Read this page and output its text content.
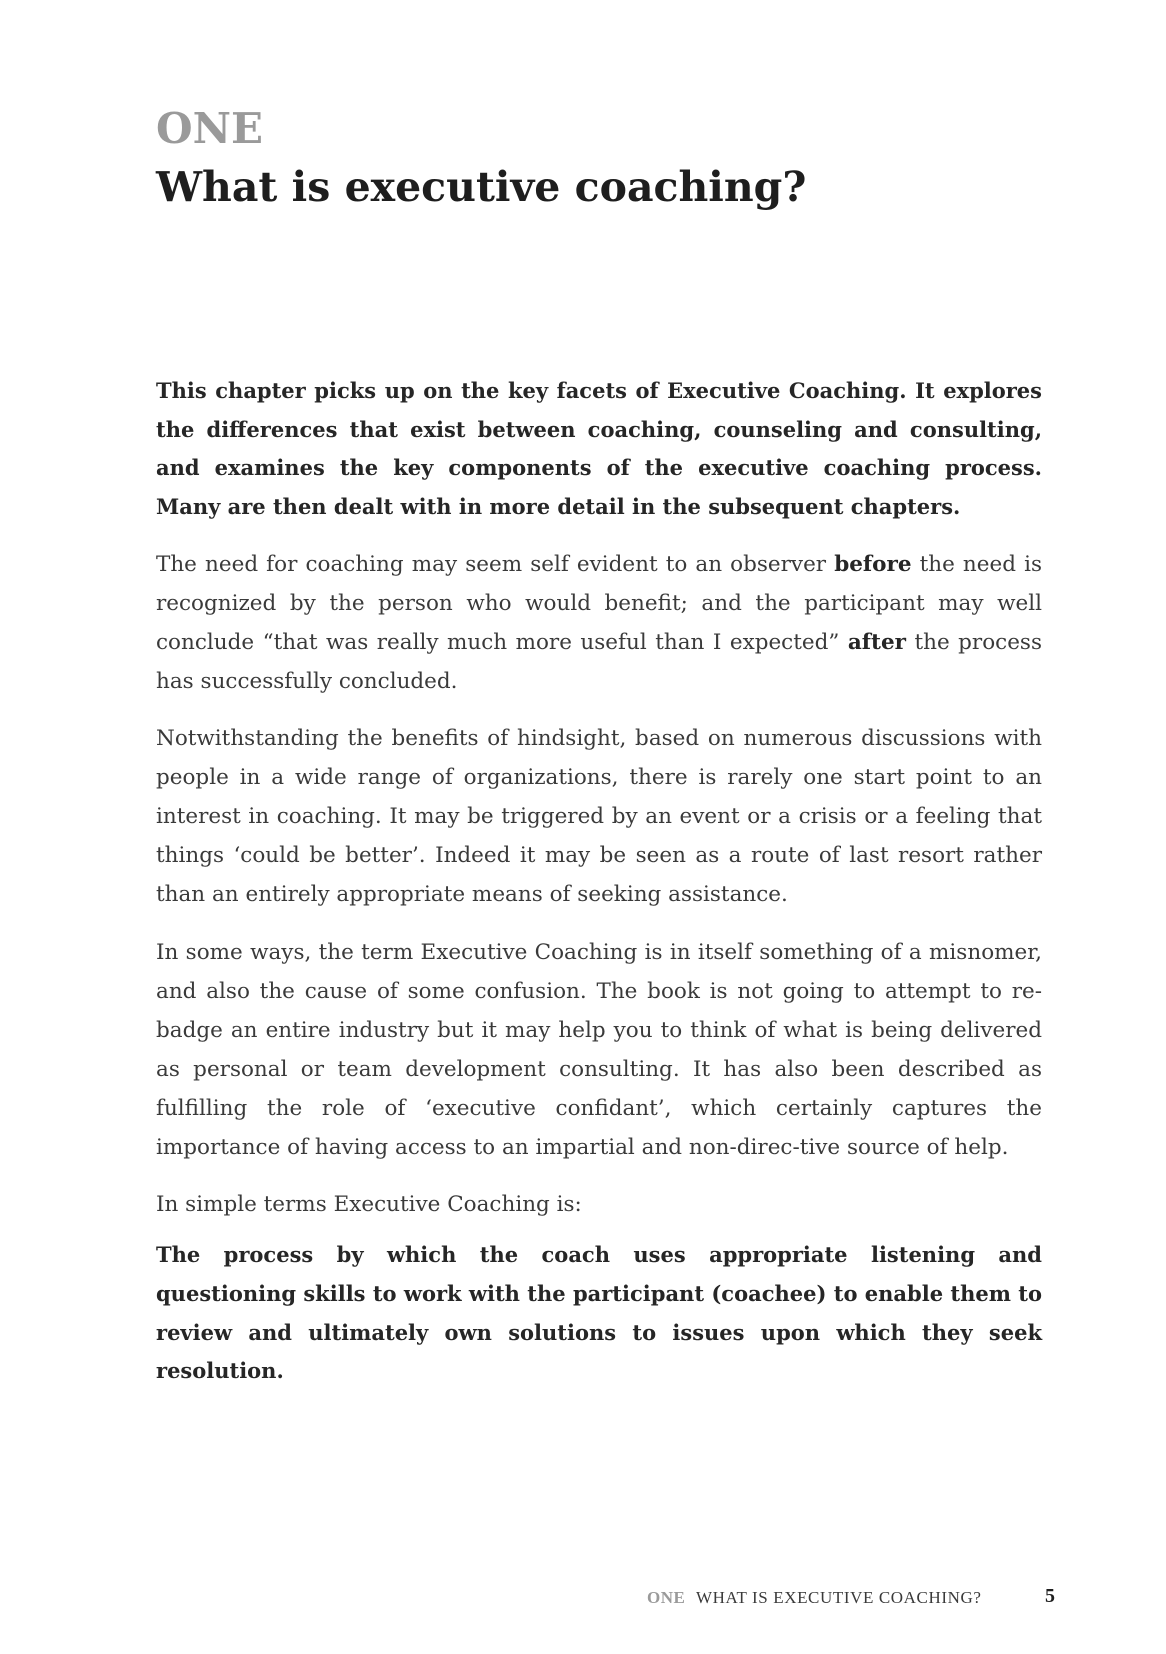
ONE
What is executive coaching?

This chapter picks up on the key facets of Executive Coaching. It explores the differences that exist between coaching, counseling and consulting, and examines the key components of the executive coaching process. Many are then dealt with in more detail in the subsequent chapters.

The need for coaching may seem self evident to an observer before the need is recognized by the person who would benefit; and the participant may well conclude “that was really much more useful than I expected” after the process has successfully concluded.

Notwithstanding the benefits of hindsight, based on numerous discussions with people in a wide range of organizations, there is rarely one start point to an interest in coaching. It may be triggered by an event or a crisis or a feeling that things ‘could be better’. Indeed it may be seen as a route of last resort rather than an entirely appropriate means of seeking assistance.

In some ways, the term Executive Coaching is in itself something of a misnomer, and also the cause of some confusion. The book is not going to attempt to re-badge an entire industry but it may help you to think of what is being delivered as personal or team development consulting. It has also been described as fulfilling the role of ‘executive confidant’, which certainly captures the importance of having access to an impartial and non-direc-tive source of help.

In simple terms Executive Coaching is:

The process by which the coach uses appropriate listening and questioning skills to work with the participant (coachee) to enable them to review and ultimately own solutions to issues upon which they seek resolution.

ONE WHAT IS EXECUTIVE COACHING?	5
